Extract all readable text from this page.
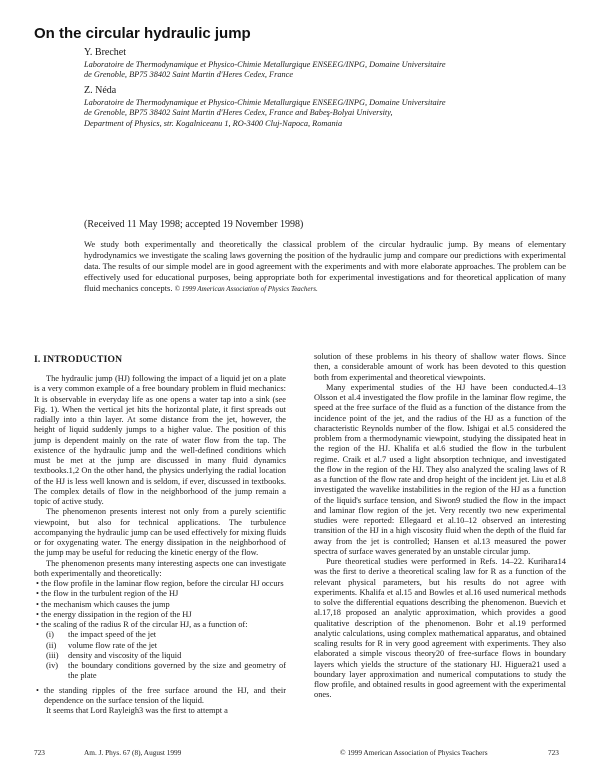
On the circular hydraulic jump
Y. Brechet
Laboratoire de Thermodynamique et Physico-Chimie Metallurgique ENSEEG/INPG, Domaine Universitaire
de Grenoble, BP75 38402 Saint Martin d'Heres Cedex, France
Z. Néda
Laboratoire de Thermodynamique et Physico-Chimie Metallurgique ENSEEG/INPG, Domaine Universitaire
de Grenoble, BP75 38402 Saint Martin d'Heres Cedex, France and Babeş-Bolyai University,
Department of Physics, str. Kogalniceanu 1, RO-3400 Cluj-Napoca, Romania
(Received 11 May 1998; accepted 19 November 1998)
We study both experimentally and theoretically the classical problem of the circular hydraulic jump. By means of elementary hydrodynamics we investigate the scaling laws governing the position of the hydraulic jump and compare our predictions with experimental data. The results of our simple model are in good agreement with the experiments and with more elaborate approaches. The problem can be effectively used for educational purposes, being appropriate both for experimental investigations and for theoretical application of many fluid mechanics concepts. © 1999 American Association of Physics Teachers.
I. INTRODUCTION

The hydraulic jump (HJ) following the impact of a liquid jet on a plate is a very common example of a free boundary problem in fluid mechanics: It is observable in everyday life as one opens a water tap into a sink (see Fig. 1). When the vertical jet hits the horizontal plate, it first spreads out radially into a thin layer. At some distance from the jet, however, the height of liquid suddenly jumps to a higher value. The position of this jump is dependent mainly on the rate of water flow from the tap. The existence of the hydraulic jump and the well-defined conditions which must be met at the jump are discussed in many fluid dynamics textbooks.1,2 On the other hand, the physics underlying the radial location of the HJ is less well known and is seldom, if ever, discussed in textbooks. The complex details of flow in the neighborhood of the jump remain a topic of active study.

The phenomenon presents interest not only from a purely scientific viewpoint, but also for technical applications. The turbulence accompanying the hydraulic jump can be used effectively for mixing fluids or for oxygenating water. The energy dissipation in the neighborhood of the jump may be useful for reducing the kinetic energy of the flow.

The phenomenon presents many interesting aspects one can investigate both experimentally and theoretically:

• the flow profile in the laminar flow region, before the circular HJ occurs
• the flow in the turbulent region of the HJ
• the mechanism which causes the jump
• the energy dissipation in the region of the HJ
• the scaling of the radius R of the circular HJ, as a function of:
(i)	the impact speed of the jet
(ii)	volume flow rate of the jet
(iii)	density and viscosity of the liquid
(iv)	the boundary conditions governed by the size and geometry of the plate
• the standing ripples of the free surface around the HJ, and their dependence on the surface tension of the liquid.

It seems that Lord Rayleigh3 was the first to attempt a

solution of these problems in his theory of shallow water flows. Since then, a considerable amount of work has been devoted to this question both from experimental and theoretical viewpoints.

Many experimental studies of the HJ have been conducted.4–13 Olsson et al.4 investigated the flow profile in the laminar flow regime, the speed at the free surface of the fluid as a function of the distance from the incidence point of the jet, and the radius of the HJ as a function of the characteristic Reynolds number of the flow. Ishigai et al.5 considered the problem from a thermodynamic viewpoint, studying the dissipated heat in the region of the HJ. Khalifa et al.6 studied the flow in the turbulent regime. Craik et al.7 used a light absorption technique, and investigated the flow in the region of the HJ. They also analyzed the scaling laws of R as a function of the flow rate and drop height of the incident jet. Liu et al.8 investigated the wavelike instabilities in the region of the HJ as a function of the liquid's surface tension, and Siwon9 studied the flow in the impact and laminar flow region of the jet. Very recently two new experimental studies were reported: Ellegaard et al.10–12 observed an interesting transition of the HJ in a high viscosity fluid when the depth of the fluid far away from the jet is controlled; Hansen et al.13 measured the power spectra of surface waves generated by an unstable circular jump.

Pure theoretical studies were performed in Refs. 14–22. Kurihara14 was the first to derive a theoretical scaling law for R as a function of the relevant physical parameters, but his results do not agree with experiments. Khalifa et al.15 and Bowles et al.16 used numerical methods to solve the differential equations describing the phenomenon. Buevich et al.17,18 proposed an analytic approximation, which provides a good qualitative description of the phenomenon. Bohr et al.19 performed analytic calculations, using complex mathematical apparatus, and obtained scaling results for R in very good agreement with experiments. They also elaborated a simple viscous theory20 of free-surface flows in boundary layers which yields the structure of the stationary HJ. Higuera21 used a boundary layer approximation and numerical computations to study the flow profile, and obtained results in good agreement with the experimental ones.

723	Am. J. Phys. 67 (8), August 1999	© 1999 American Association of Physics Teachers	723
